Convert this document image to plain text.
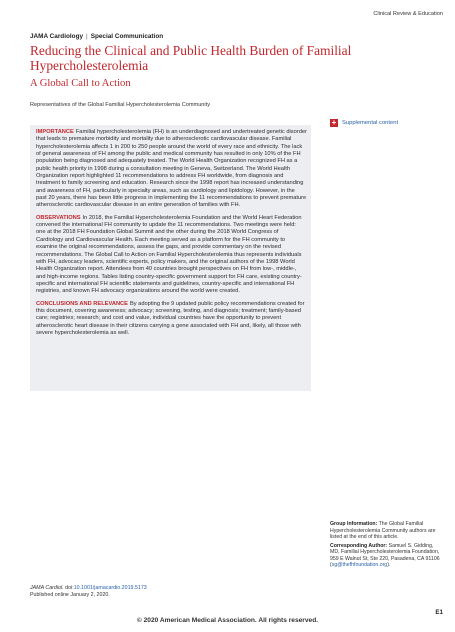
Clinical Review & Education
JAMA Cardiology | Special Communication
Reducing the Clinical and Public Health Burden of Familial Hypercholesterolemia
A Global Call to Action
Representatives of the Global Familial Hypercholesterolemia Community

IMPORTANCE Familial hypercholesterolemia (FH) is an underdiagnosed and undertreated genetic disorder that leads to premature morbidity and mortality due to atherosclerotic cardiovascular disease. Familial hypercholesterolemia affects 1 in 200 to 250 people around the world of every race and ethnicity. The lack of general awareness of FH among the public and medical community has resulted in only 10% of the FH population being diagnosed and adequately treated. The World Health Organization recognized FH as a public health priority in 1998 during a consultation meeting in Geneva, Switzerland. The World Health Organization report highlighted 11 recommendations to address FH worldwide, from diagnosis and treatment to family screening and education. Research since the 1998 report has increased understanding and awareness of FH, particularly in specialty areas, such as cardiology and lipidology. However, in the past 20 years, there has been little progress in implementing the 11 recommendations to prevent premature atherosclerotic cardiovascular disease in an entire generation of families with FH.

OBSERVATIONS In 2018, the Familial Hypercholesterolemia Foundation and the World Heart Federation convened the international FH community to update the 11 recommendations. Two meetings were held: one at the 2018 FH Foundation Global Summit and the other during the 2018 World Congress of Cardiology and Cardiovascular Health. Each meeting served as a platform for the FH community to examine the original recommendations, assess the gaps, and provide commentary on the revised recommendations. The Global Call to Action on Familial Hypercholesterolemia thus represents individuals with FH, advocacy leaders, scientific experts, policy makers, and the original authors of the 1998 World Health Organization report. Attendees from 40 countries brought perspectives on FH from low-, middle-, and high-income regions. Tables listing country-specific government support for FH care, existing country-specific and international FH scientific statements and guidelines, country-specific and international FH registries, and known FH advocacy organizations around the world were created.

CONCLUSIONS AND RELEVANCE By adopting the 9 updated public policy recommendations created for this document, covering awareness; advocacy; screening, testing, and diagnosis; treatment; family-based care; registries; research; and cost and value, individual countries have the opportunity to prevent atherosclerotic heart disease in their citizens carrying a gene associated with FH and, likely, all those with severe hypercholesterolemia as well.

+ Supplemental content

Group Information: The Global Familial Hypercholesterolemia Community authors are listed at the end of this article.

Corresponding Author: Samuel S. Gidding, MD, Familial Hypercholesterolemia Foundation, 959 E Walnut St, Ste 220, Pasadena, CA 91106 (sg@thefhfoundation.org).

JAMA Cardiol. doi:10.1001/jamacardio.2019.5173
Published online January 2, 2020.
E1
© 2020 American Medical Association. All rights reserved.
